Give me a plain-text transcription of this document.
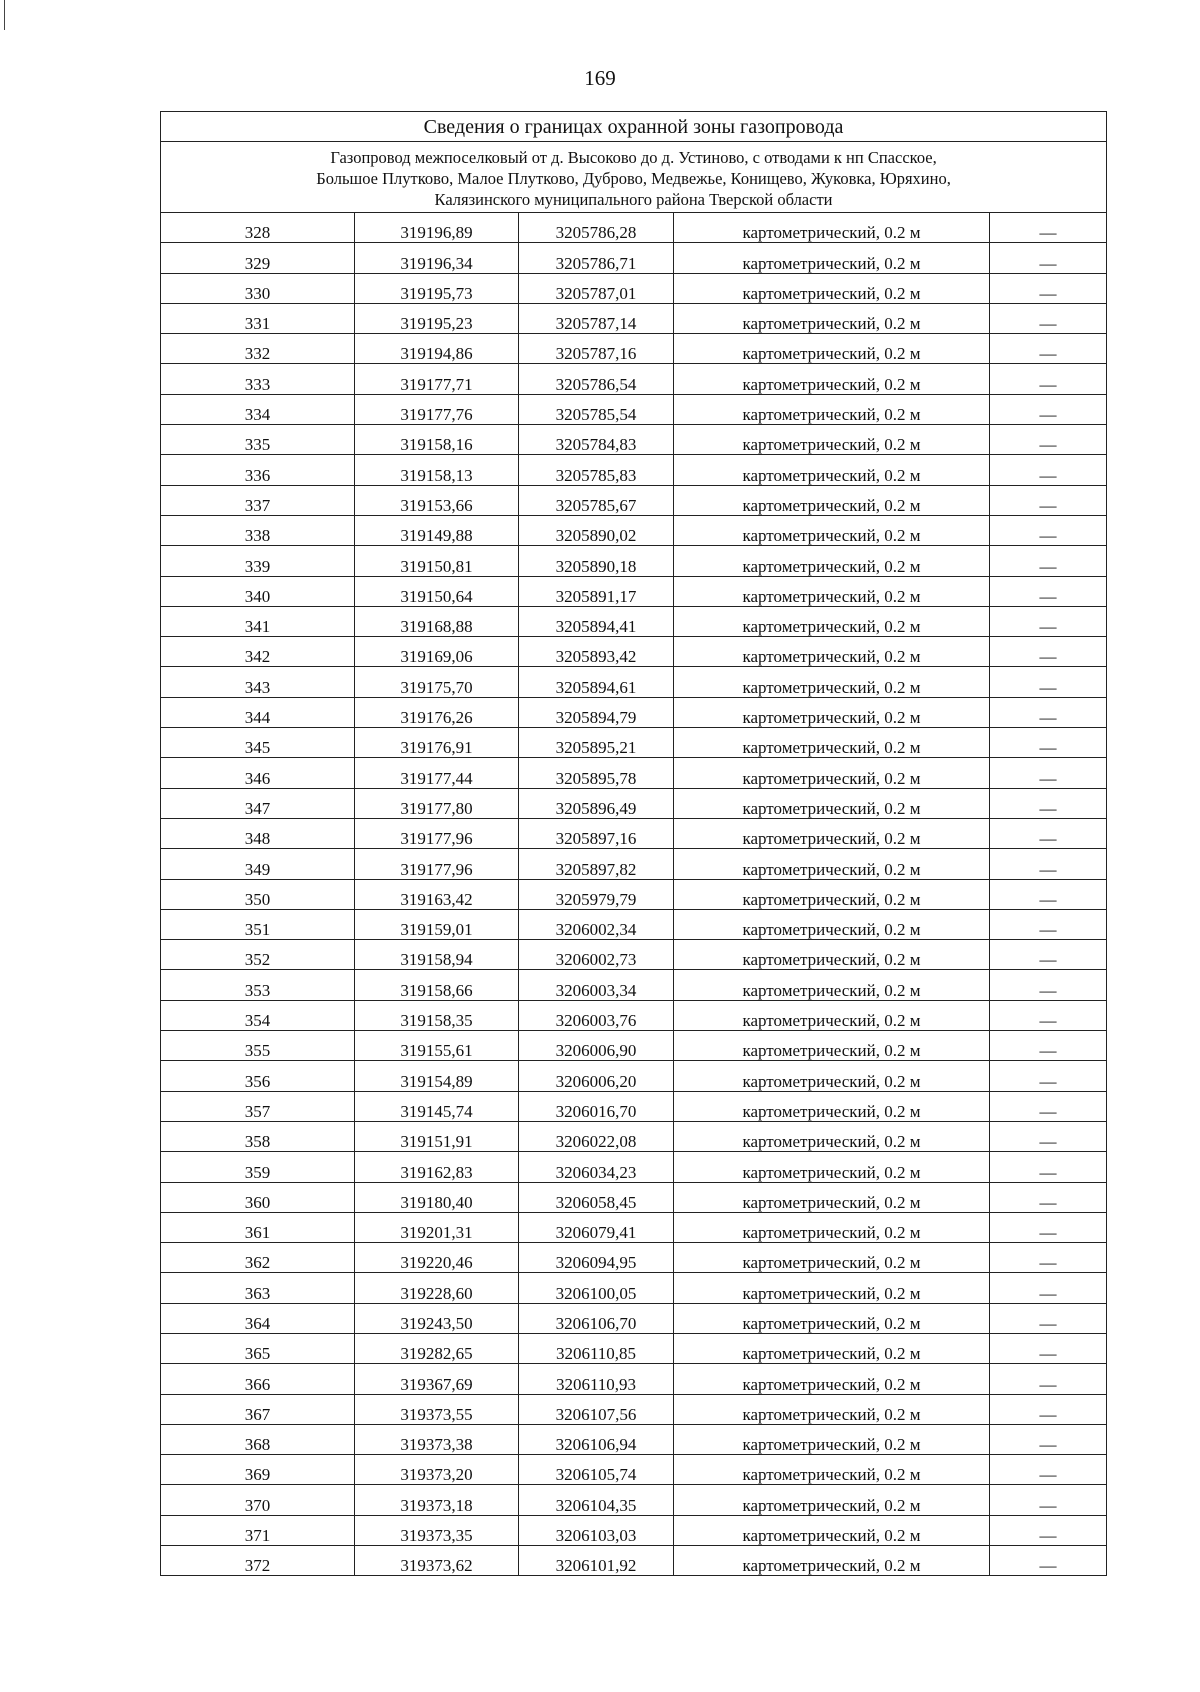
169
Сведения о границах охранной зоны газопровода				

Газопровод межпоселковый от д. Высоково до д. Устиново, с отводами к нп Спасское,
Большое Плутково, Малое Плутково, Дуброво, Медвежье, Конищево, Жуковка, Юряхино,
Калязинского муниципального района Тверской области				

328	319196,89	3205786,28	картометрический, 0.2 м	—
329	319196,34	3205786,71	картометрический, 0.2 м	—
330	319195,73	3205787,01	картометрический, 0.2 м	—
331	319195,23	3205787,14	картометрический, 0.2 м	—
332	319194,86	3205787,16	картометрический, 0.2 м	—
333	319177,71	3205786,54	картометрический, 0.2 м	—
334	319177,76	3205785,54	картометрический, 0.2 м	—
335	319158,16	3205784,83	картометрический, 0.2 м	—
336	319158,13	3205785,83	картометрический, 0.2 м	—
337	319153,66	3205785,67	картометрический, 0.2 м	—
338	319149,88	3205890,02	картометрический, 0.2 м	—
339	319150,81	3205890,18	картометрический, 0.2 м	—
340	319150,64	3205891,17	картометрический, 0.2 м	—
341	319168,88	3205894,41	картометрический, 0.2 м	—
342	319169,06	3205893,42	картометрический, 0.2 м	—
343	319175,70	3205894,61	картометрический, 0.2 м	—
344	319176,26	3205894,79	картометрический, 0.2 м	—
345	319176,91	3205895,21	картометрический, 0.2 м	—
346	319177,44	3205895,78	картометрический, 0.2 м	—
347	319177,80	3205896,49	картометрический, 0.2 м	—
348	319177,96	3205897,16	картометрический, 0.2 м	—
349	319177,96	3205897,82	картометрический, 0.2 м	—
350	319163,42	3205979,79	картометрический, 0.2 м	—
351	319159,01	3206002,34	картометрический, 0.2 м	—
352	319158,94	3206002,73	картометрический, 0.2 м	—
353	319158,66	3206003,34	картометрический, 0.2 м	—
354	319158,35	3206003,76	картометрический, 0.2 м	—
355	319155,61	3206006,90	картометрический, 0.2 м	—
356	319154,89	3206006,20	картометрический, 0.2 м	—
357	319145,74	3206016,70	картометрический, 0.2 м	—
358	319151,91	3206022,08	картометрический, 0.2 м	—
359	319162,83	3206034,23	картометрический, 0.2 м	—
360	319180,40	3206058,45	картометрический, 0.2 м	—
361	319201,31	3206079,41	картометрический, 0.2 м	—
362	319220,46	3206094,95	картометрический, 0.2 м	—
363	319228,60	3206100,05	картометрический, 0.2 м	—
364	319243,50	3206106,70	картометрический, 0.2 м	—
365	319282,65	3206110,85	картометрический, 0.2 м	—
366	319367,69	3206110,93	картометрический, 0.2 м	—
367	319373,55	3206107,56	картометрический, 0.2 м	—
368	319373,38	3206106,94	картометрический, 0.2 м	—
369	319373,20	3206105,74	картометрический, 0.2 м	—
370	319373,18	3206104,35	картометрический, 0.2 м	—
371	319373,35	3206103,03	картометрический, 0.2 м	—
372	319373,62	3206101,92	картометрический, 0.2 м	—
